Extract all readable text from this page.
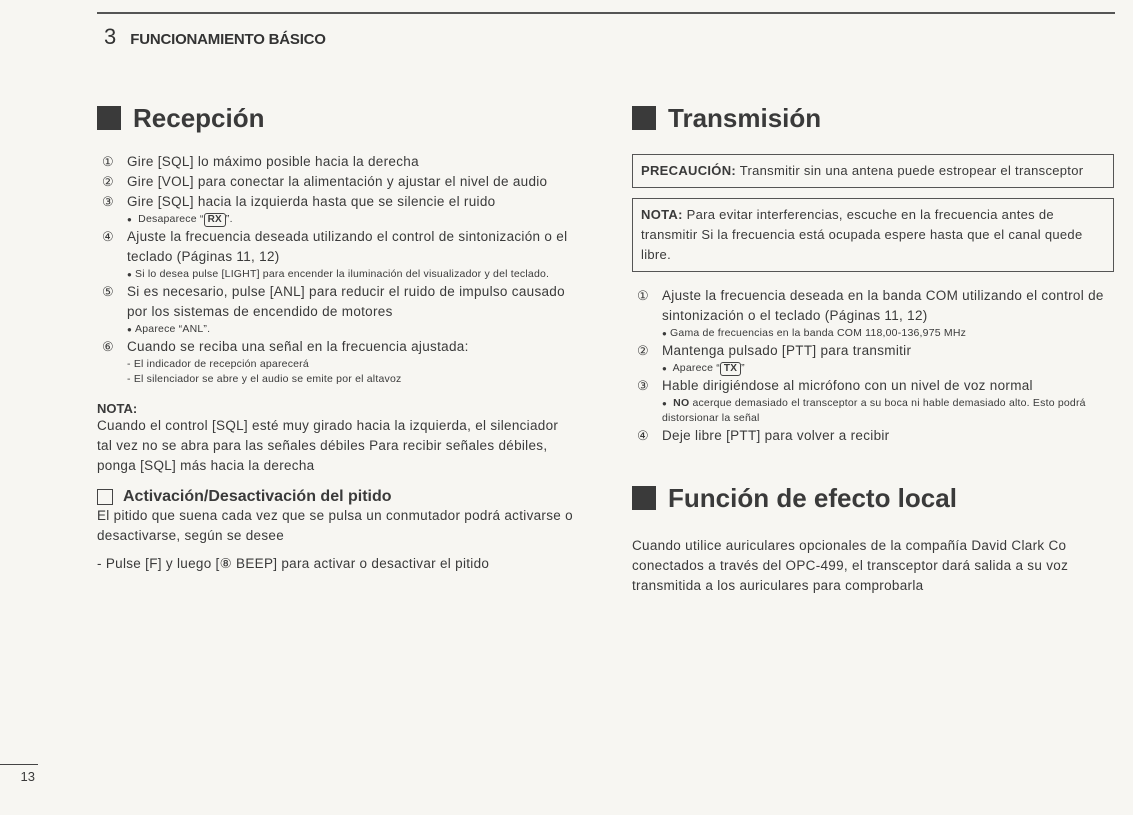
3 FUNCIONAMIENTO BÁSICO
Recepción
① Gire [SQL] lo máximo posible hacia la derecha
② Gire [VOL] para conectar la alimentación y ajustar el nivel de audio
③ Gire [SQL] hacia la izquierda hasta que se silencie el ruido
● Desaparece “ RX ”.
④ Ajuste la frecuencia deseada utilizando el control de sintonización o el teclado (Páginas 11, 12)
● Si lo desea pulse [LIGHT] para encender la iluminación del visualizador y del teclado.
⑤ Si es necesario, pulse [ANL] para reducir el ruido de impulso causado por los sistemas de encendido de motores
● Aparece “ANL”.
⑥ Cuando se reciba una señal en la frecuencia ajustada:
- El indicador de recepción aparecerá
- El silenciador se abre y el audio se emite por el altavoz
NOTA:
Cuando el control [SQL] esté muy girado hacia la izquierda, el silenciador tal vez no se abra para las señales débiles Para recibir señales débiles, ponga [SQL] más hacia la derecha
Activación/Desactivación del pitido
El pitido que suena cada vez que se pulsa un conmutador podrá activarse o desactivarse, según se desee
- Pulse [F] y luego [⑧ BEEP] para activar o desactivar el pitido
Transmisión
PRECAUCIÓN: Transmitir sin una antena puede estropear el transceptor
NOTA: Para evitar interferencias, escuche en la frecuencia antes de transmitir Si la frecuencia está ocupada espere hasta que el canal quede libre.
① Ajuste la frecuencia deseada en la banda COM utilizando el control de sintonización o el teclado (Páginas 11, 12)
● Gama de frecuencias en la banda COM 118,00-136,975 MHz
② Mantenga pulsado [PTT] para transmitir
● Aparece “ TX ”
③ Hable dirigiéndose al micrófono con un nivel de voz normal
● NO acerque demasiado el transceptor a su boca ni hable demasiado alto. Esto podrá distorsionar la señal
④ Deje libre [PTT] para volver a recibir
Función de efecto local
Cuando utilice auriculares opcionales de la compañía David Clark Co conectados a través del OPC-499, el transceptor dará salida a su voz transmitida a los auriculares para comprobarla
13
